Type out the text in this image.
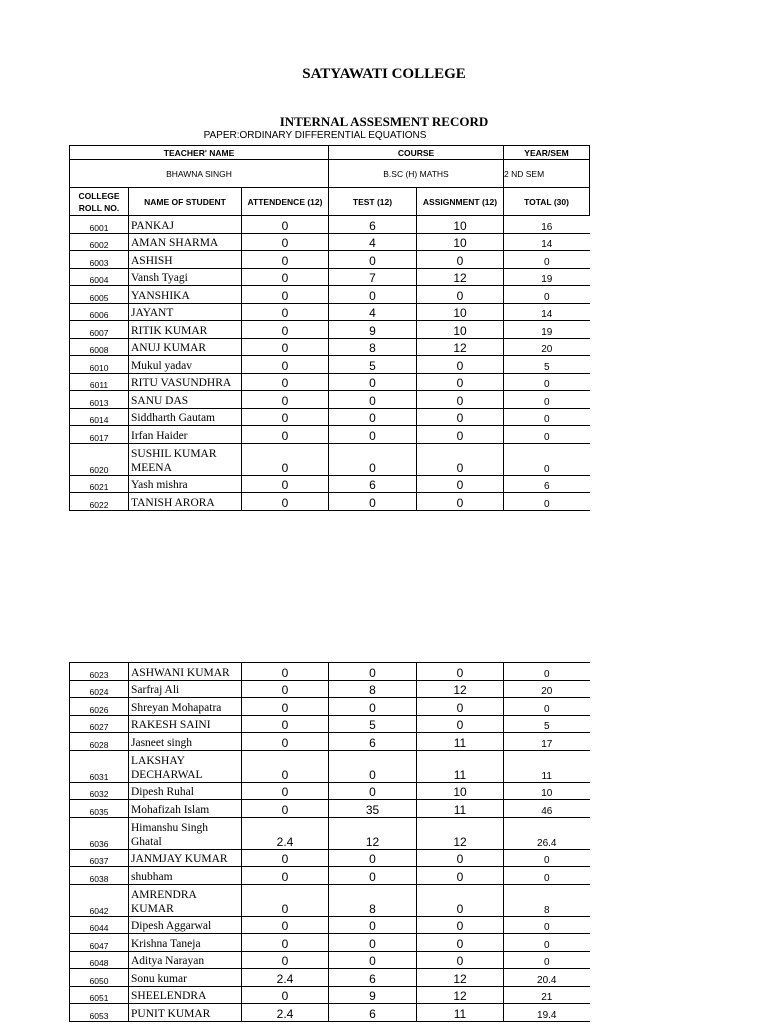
SATYAWATI COLLEGE
INTERNAL ASSESMENT RECORD
PAPER:ORDINARY DIFFERENTIAL EQUATIONS
TEACHER' NAME			COURSE		YEAR/SEM
BHAWNA SINGH			B.SC (H) MATHS		2 ND SEM
COLLEGE ROLL NO.	NAME OF STUDENT	ATTENDENCE (12)	TEST (12)	ASSIGNMENT (12)	TOTAL (30)
6001	PANKAJ	0	6	10	16
6002	AMAN SHARMA	0	4	10	14
6003	ASHISH	0	0	0	0
6004	Vansh Tyagi	0	7	12	19
6005	YANSHIKA	0	0	0	0
6006	JAYANT	0	4	10	14
6007	RITIK KUMAR	0	9	10	19
6008	ANUJ KUMAR	0	8	12	20
6010	Mukul yadav	0	5	0	5
6011	RITU VASUNDHRA	0	0	0	0
6013	SANU DAS	0	0	0	0
6014	Siddharth Gautam	0	0	0	0
6017	Irfan Haider	0	0	0	0
6020	SUSHIL KUMAR MEENA	0	0	0	0
6021	Yash mishra	0	6	0	6
6022	TANISH ARORA	0	0	0	0
6023	ASHWANI KUMAR	0	0	0	0
6024	Sarfraj Ali	0	8	12	20
6026	Shreyan Mohapatra	0	0	0	0
6027	RAKESH SAINI	0	5	0	5
6028	Jasneet singh	0	6	11	17
6031	LAKSHAY DECHARWAL	0	0	11	11
6032	Dipesh Ruhal	0	0	10	10
6035	Mohafizah Islam	0	35	11	46
6036	Himanshu Singh Ghatal	2.4	12	12	26.4
6037	JANMJAY KUMAR	0	0	0	0
6038	shubham	0	0	0	0
6042	AMRENDRA KUMAR	0	8	0	8
6044	Dipesh Aggarwal	0	0	0	0
6047	Krishna Taneja	0	0	0	0
6048	Aditya Narayan	0	0	0	0
6050	Sonu kumar	2.4	6	12	20.4
6051	SHEELENDRA	0	9	12	21
6053	PUNIT KUMAR	2.4	6	11	19.4
